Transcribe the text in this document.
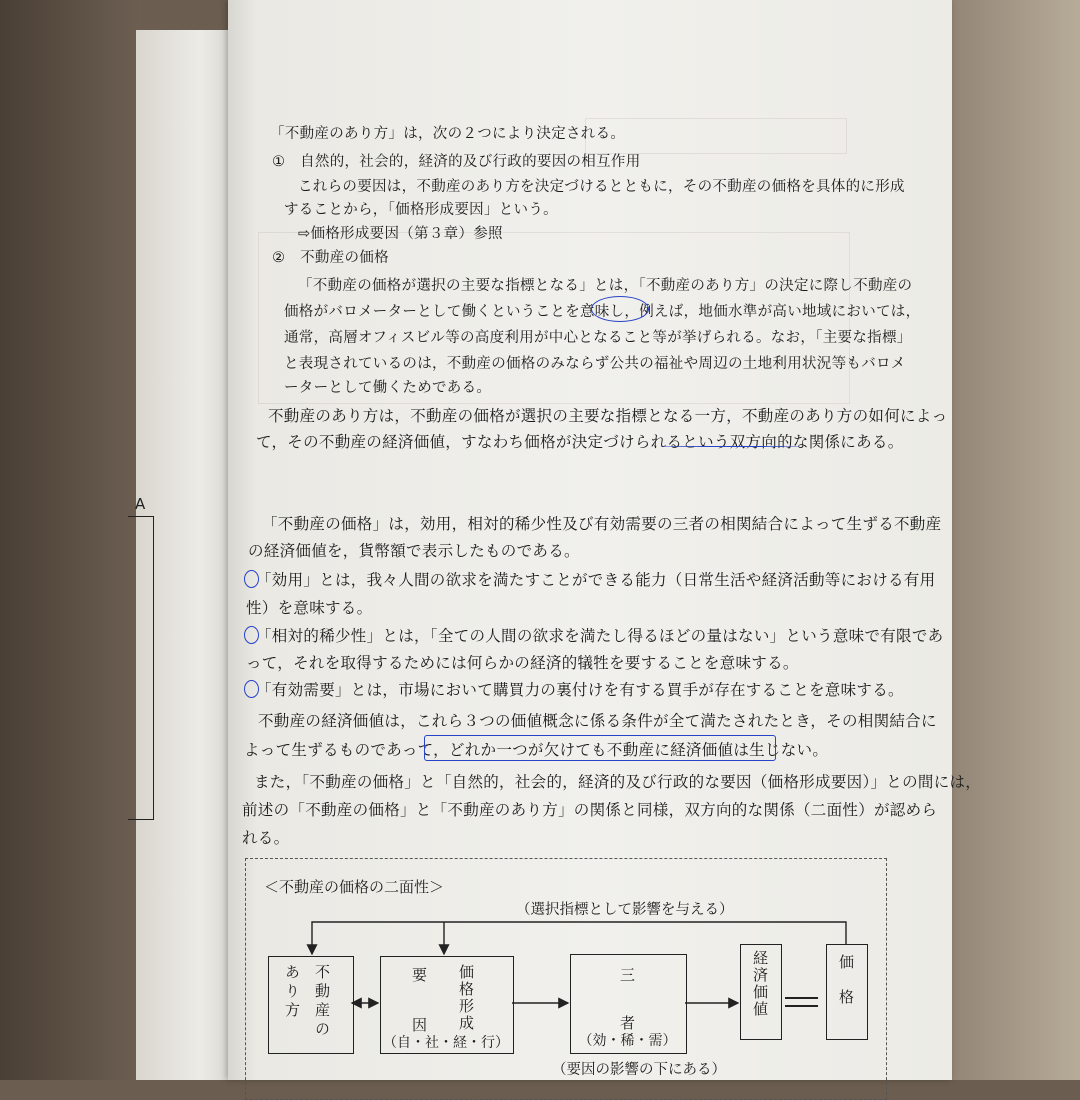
A
「不動産のあり方」は，次の２つにより決定される。
①　自然的，社会的，経済的及び行政的要因の相互作用
これらの要因は，不動産のあり方を決定づけるとともに，その不動産の価格を具体的に形成
することから，「価格形成要因」という。
⇨価格形成要因（第３章）参照
②　不動産の価格
「不動産の価格が選択の主要な指標となる」とは，「不動産のあり方」の決定に際し不動産の
価格がバロメーターとして働くということを意味し，例えば，地価水準が高い地域においては，
通常，高層オフィスビル等の高度利用が中心となること等が挙げられる。なお，「主要な指標」
と表現されているのは，不動産の価格のみならず公共の福祉や周辺の土地利用状況等もバロメ
ーターとして働くためである。
不動産のあり方は，不動産の価格が選択の主要な指標となる一方，不動産のあり方の如何によっ
て，その不動産の経済価値，すなわち価格が決定づけられるという双方向的な関係にある。
「不動産の価格」は，効用，相対的稀少性及び有効需要の三者の相関結合によって生ずる不動産
の経済価値を，貨幣額で表示したものである。
「効用」とは，我々人間の欲求を満たすことができる能力（日常生活や経済活動等における有用
性）を意味する。
「相対的稀少性」とは，「全ての人間の欲求を満たし得るほどの量はない」という意味で有限であ
って，それを取得するためには何らかの経済的犠牲を要することを意味する。
「有効需要」とは，市場において購買力の裏付けを有する買手が存在することを意味する。
不動産の経済価値は，これら３つの価値概念に係る条件が全て満たされたとき，その相関結合に
よって生ずるものであって，どれか一つが欠けても不動産に経済価値は生じない。
また，「不動産の価格」と「自然的，社会的，経済的及び行政的な要因（価格形成要因）」との間には，
前述の「不動産の価格」と「不動産のあり方」の関係と同様，双方向的な関係（二面性）が認めら
れる。
＜不動産の価格の二面性＞
（選択指標として影響を与える）
不動産の
あり方	要
因 価格形成
（自・社・経・行）
三
者
（効・稀・需）
経済価値	価格
（要因の影響の下にある）
